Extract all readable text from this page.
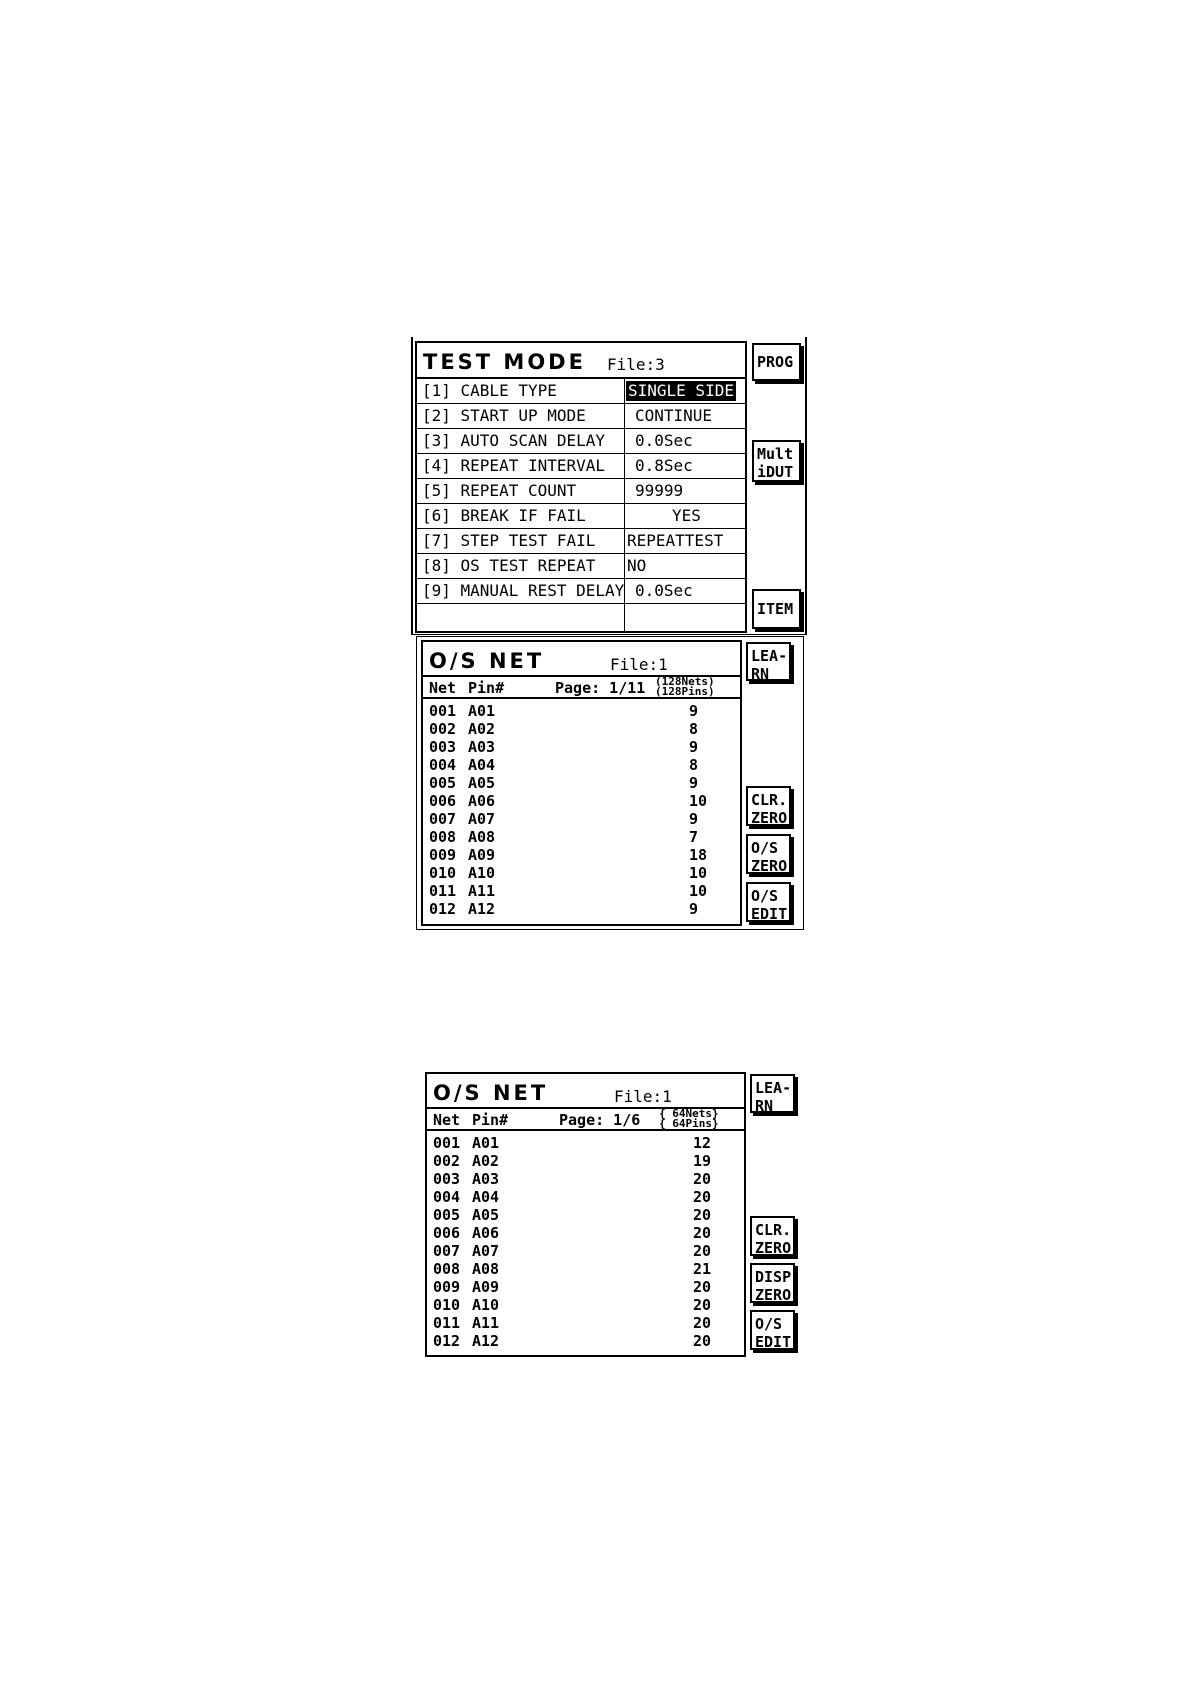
TEST MODE File:3
[1] CABLE TYPE	SINGLE SIDE
[2] START UP MODE	CONTINUE
[3] AUTO SCAN DELAY 0.0Sec
[4] REPEAT INTERVAL 0.8Sec
[5] REPEAT COUNT	99999
[6] BREAK IF FAIL	YES
[7] STEP TEST FAIL REPEATTEST
[8] OS TEST REPEAT NO
[9] MANUAL REST DELAY 0.0Sec
PROG
Mult
iDUT
ITEM
O/S NET	File:1
Net Pin#	Page: 1/11 (128Nets)
(128Pins)
001 A01	9
002 A02	8
003 A03	9
004 A04	8
005 A05	9
006 A06	10
007 A07	9
008 A08	7
009 A09	18
010 A10	10
011 A11	10
012 A12	9
LEA-
RN
CLR.
ZERO
O/S
ZERO
O/S
EDIT
O/S NET	File:1
Net Pin#	Page: 1/6 { 64Nets}
{ 64Pins}
001 A01	12
002 A02	19
003 A03	20
004 A04	20
005 A05	20
006 A06	20
007 A07	20
008 A08	21
009 A09	20
010 A10	20
011 A11	20
012 A12	20
LEA-
RN
CLR.
ZERO
DISP
ZERO
O/S
EDIT
